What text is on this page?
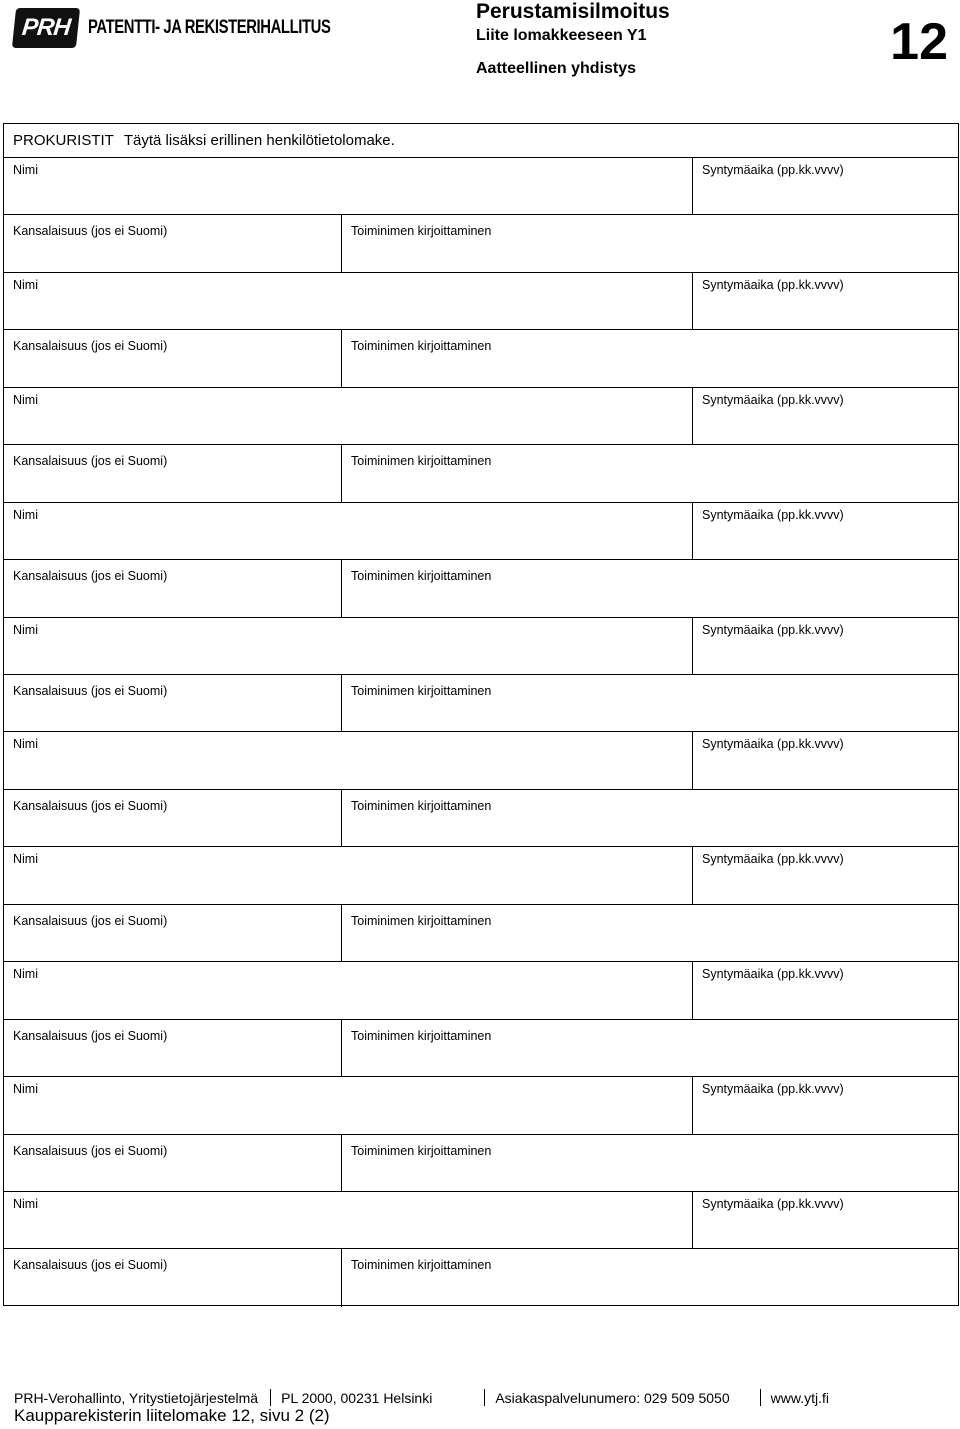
PRH PATENTTI- JA REKISTERIHALLITUS
Perustamisilmoitus
Liite lomakkeeseen Y1
Aatteellinen yhdistys	12
PROKURISTIT Täytä lisäksi erillinen henkilötietolomake.
Nimi	Syntymäaika (pp.kk.vvvv)
Kansalaisuus (jos ei Suomi)	Toiminimen kirjoittaminen
Nimi	Syntymäaika (pp.kk.vvvv)
Kansalaisuus (jos ei Suomi)	Toiminimen kirjoittaminen
Nimi	Syntymäaika (pp.kk.vvvv)
Kansalaisuus (jos ei Suomi)	Toiminimen kirjoittaminen
Nimi	Syntymäaika (pp.kk.vvvv)
Kansalaisuus (jos ei Suomi)	Toiminimen kirjoittaminen
Nimi	Syntymäaika (pp.kk.vvvv)
Kansalaisuus (jos ei Suomi)	Toiminimen kirjoittaminen
Nimi	Syntymäaika (pp.kk.vvvv)
Kansalaisuus (jos ei Suomi)	Toiminimen kirjoittaminen
Nimi	Syntymäaika (pp.kk.vvvv)
Kansalaisuus (jos ei Suomi)	Toiminimen kirjoittaminen
Nimi	Syntymäaika (pp.kk.vvvv)
Kansalaisuus (jos ei Suomi)	Toiminimen kirjoittaminen
Nimi	Syntymäaika (pp.kk.vvvv)
Kansalaisuus (jos ei Suomi)	Toiminimen kirjoittaminen
Nimi	Syntymäaika (pp.kk.vvvv)
Kansalaisuus (jos ei Suomi)	Toiminimen kirjoittaminen
PRH-Verohallinto, Yritystietojärjestelmä	PL 2000, 00231 Helsinki	Asiakaspalvelunumero: 029 509 5050	www.ytj.fi
Kaupparekisterin liitelomake 12, sivu 2 (2)
